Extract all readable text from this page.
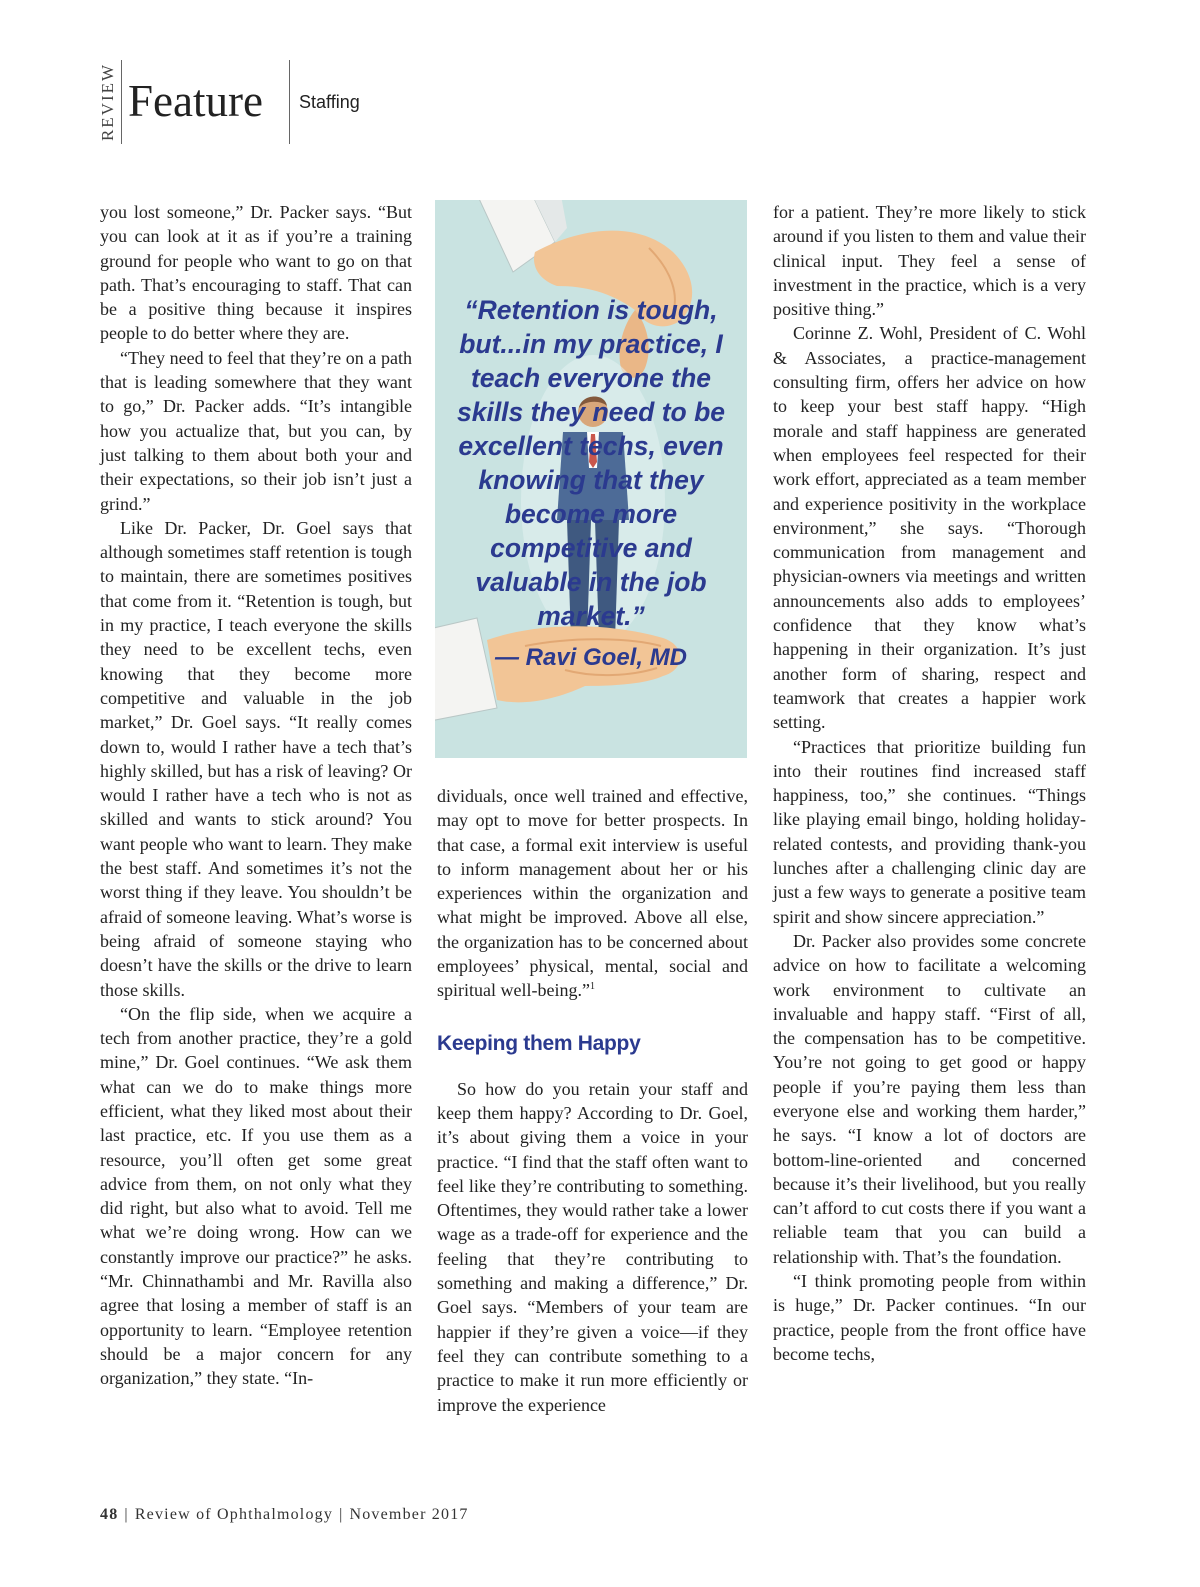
REVIEW Feature Staffing

you lost someone,” Dr. Packer says. “But you can look at it as if you’re a training ground for people who want to go on that path. That’s encouraging to staff. That can be a positive thing because it inspires people to do better where they are.

“They need to feel that they’re on a path that is leading somewhere that they want to go,” Dr. Packer adds. “It’s intangible how you actualize that, but you can, by just talking to them about both your and their expectations, so their job isn’t just a grind.”

Like Dr. Packer, Dr. Goel says that although sometimes staff retention is tough to maintain, there are sometimes positives that come from it. “Retention is tough, but in my practice, I teach everyone the skills they need to be excellent techs, even knowing that they become more competitive and valuable in the job market,” Dr. Goel says. “It really comes down to, would I rather have a tech that’s highly skilled, but has a risk of leaving? Or would I rather have a tech who is not as skilled and wants to stick around? You want people who want to learn. They make the best staff. And sometimes it’s not the worst thing if they leave. You shouldn’t be afraid of someone leaving. What’s worse is being afraid of someone staying who doesn’t have the skills or the drive to learn those skills.

“On the flip side, when we acquire a tech from another practice, they’re a gold mine,” Dr. Goel continues. “We ask them what can we do to make things more efficient, what they liked most about their last practice, etc. If you use them as a resource, you’ll often get some great advice from them, on not only what they did right, but also what to avoid. Tell me what we’re doing wrong. How can we constantly improve our practice?” he asks. “Mr. Chinnathambi and Mr. Ravilla also agree that losing a member of staff is an opportunity to learn. “Employee retention should be a major concern for any organization,” they state. “In-

“Retention is tough, but...in my practice, I teach everyone the skills they need to be excellent techs, even knowing that they become more competitive and valuable in the job market.”
— Ravi Goel, MD

dividuals, once well trained and effective, may opt to move for better prospects. In that case, a formal exit interview is useful to inform management about her or his experiences within the organization and what might be improved. Above all else, the organization has to be concerned about employees’ physical, mental, social and spiritual well-being.”$^1$

Keeping them Happy

So how do you retain your staff and keep them happy? According to Dr. Goel, it’s about giving them a voice in your practice. “I find that the staff often want to feel like they’re contributing to something. Oftentimes, they would rather take a lower wage as a trade-off for experience and the feeling that they’re contributing to something and making a difference,” Dr. Goel says. “Members of your team are happier if they’re given a voice—if they feel they can contribute something to a practice to make it run more efficiently or improve the experience

for a patient. They’re more likely to stick around if you listen to them and value their clinical input. They feel a sense of investment in the practice, which is a very positive thing.”

Corinne Z. Wohl, President of C. Wohl & Associates, a practice-management consulting firm, offers her advice on how to keep your best staff happy. “High morale and staff happiness are generated when employees feel respected for their work effort, appreciated as a team member and experience positivity in the workplace environment,” she says. “Thorough communication from management and physician-owners via meetings and written announcements also adds to employees’ confidence that they know what’s happening in their organization. It’s just another form of sharing, respect and teamwork that creates a happier work setting.

“Practices that prioritize building fun into their routines find increased staff happiness, too,” she continues. “Things like playing email bingo, holding holiday-related contests, and providing thank-you lunches after a challenging clinic day are just a few ways to generate a positive team spirit and show sincere appreciation.”

Dr. Packer also provides some concrete advice on how to facilitate a welcoming work environment to cultivate an invaluable and happy staff. “First of all, the compensation has to be competitive. You’re not going to get good or happy people if you’re paying them less than everyone else and working them harder,” he says. “I know a lot of doctors are bottom-line-oriented and concerned because it’s their livelihood, but you really can’t afford to cut costs there if you want a reliable team that you can build a relationship with. That’s the foundation.

“I think promoting people from within is huge,” Dr. Packer continues. “In our practice, people from the front office have become techs,

48 | Review of Ophthalmology | November 2017
